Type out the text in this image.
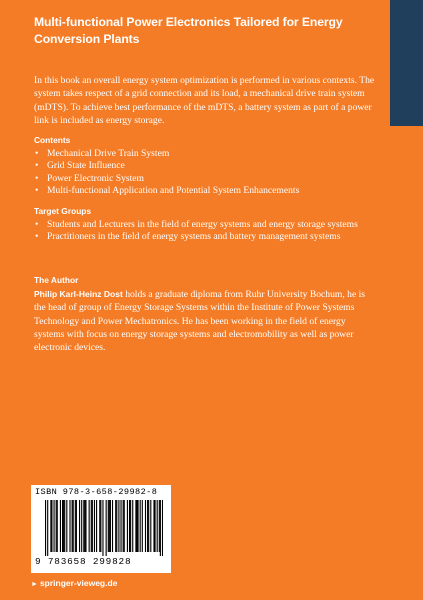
Multi-functional Power Electronics Tailored for Energy Conversion Plants
In this book an overall energy system optimization is performed in various contexts. The system takes respect of a grid connection and its load, a mechanical drive train system (mDTS). To achieve best performance of the mDTS, a battery system as part of a power link is included as energy storage.
Contents
• Mechanical Drive Train System
• Grid State Influence
• Power Electronic System
• Multi-functional Application and Potential System Enhancements
Target Groups
• Students and Lecturers in the field of energy systems and energy storage systems
• Practitioners in the field of energy systems and battery management systems
The Author
Philip Karl-Heinz Dost holds a graduate diploma from Ruhr University Bochum, he is the head of group of Energy Storage Systems within the Institute of Power Systems Technology and Power Mechatronics. He has been working in the field of energy systems with focus on energy storage systems and electromobility as well as power electronic devices.
ISBN 978-3-658-29982-8
9 783658 299828
► springer-vieweg.de
